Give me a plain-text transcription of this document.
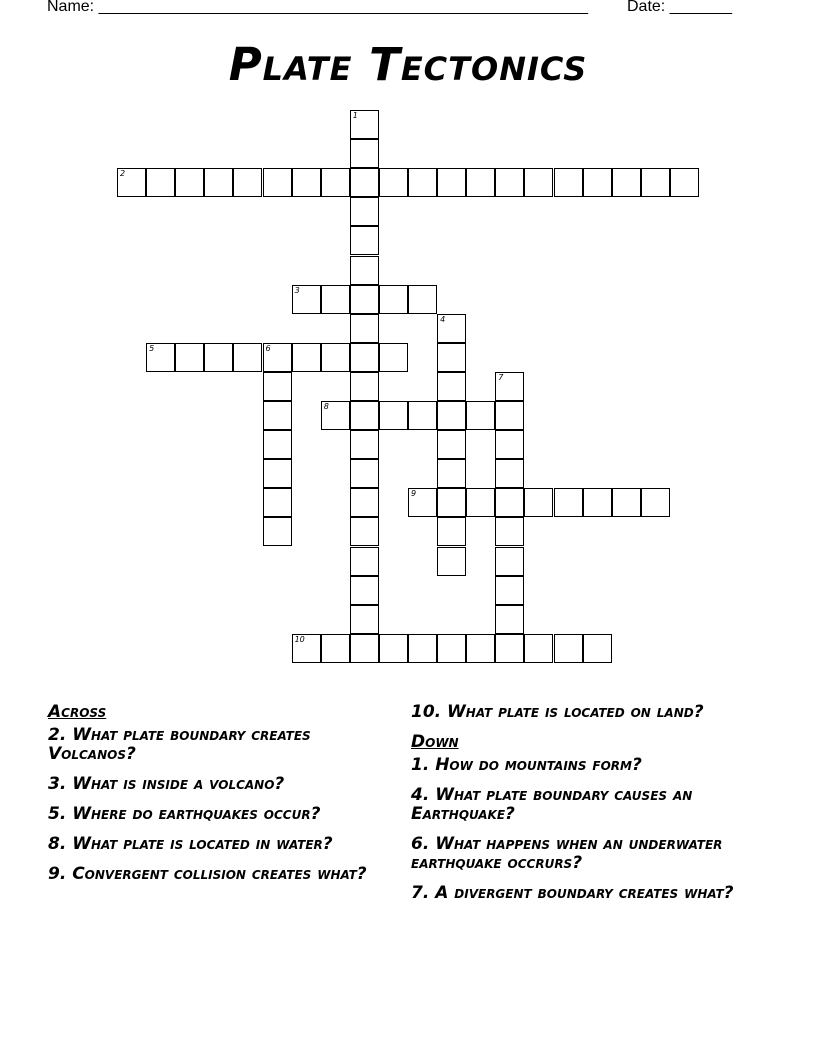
Name: _______________________________________________________ Date: _______
Plate Tectonics
1
2
3
4
5	6
7
8
9
10
Across
2. What plate boundary creates Volcanos?
3. What is inside a volcano?
5. Where do earthquakes occur?
8. What plate is located in water?
9. Convergent collision creates what?
10. What plate is located on land?
Down
1. How do mountains form?
4. What plate boundary causes an Earthquake?
6. What happens when an underwater earthquake occrurs?
7. A divergent boundary creates what?
